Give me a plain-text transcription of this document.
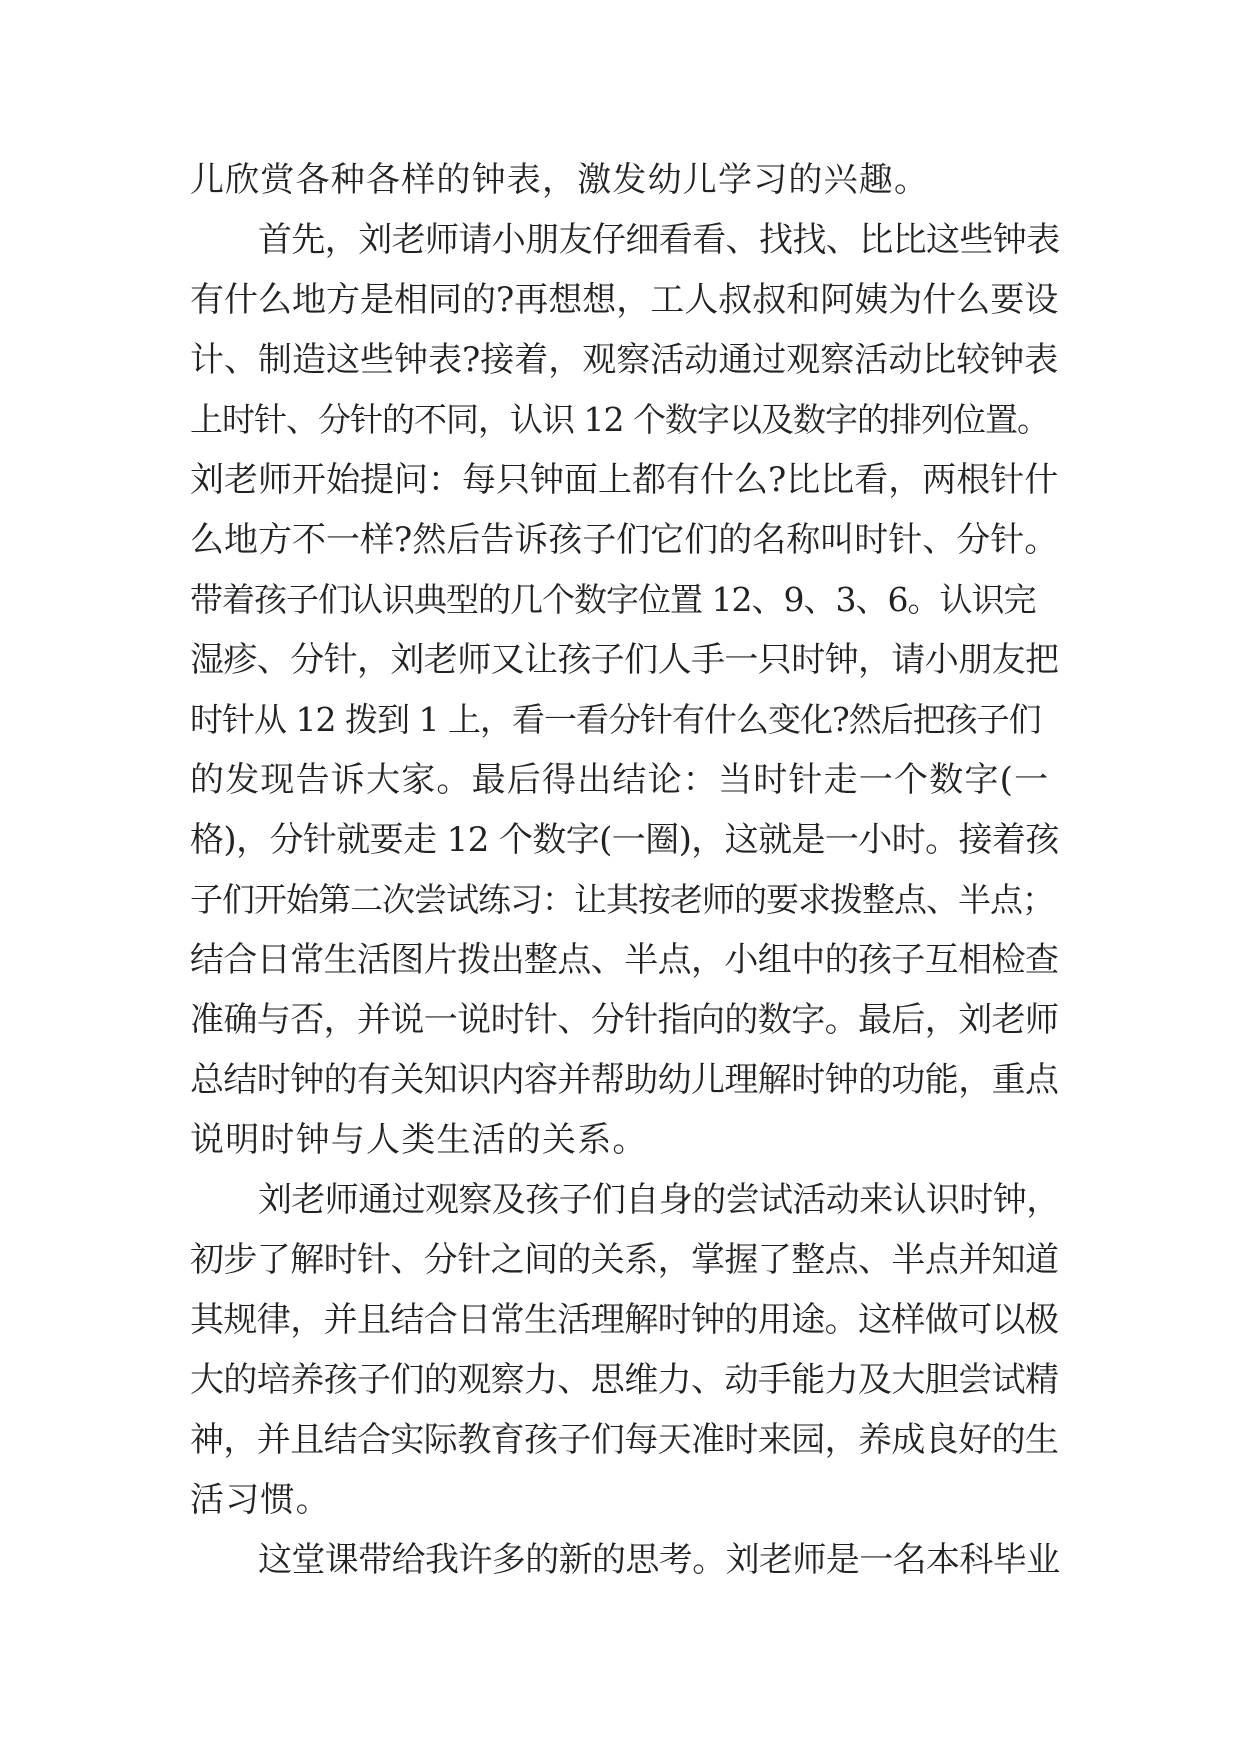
儿欣赏各种各样的钟表，激发幼儿学习的兴趣。
首先，刘老师请小朋友仔细看看、找找、比比这些钟表
有什么地方是相同的?再想想，工人叔叔和阿姨为什么要设
计、制造这些钟表?接着，观察活动通过观察活动比较钟表
上时针、分针的不同，认识 12 个数字以及数字的排列位置。
刘老师开始提问：每只钟面上都有什么?比比看，两根针什
么地方不一样?然后告诉孩子们它们的名称叫时针、分针。
带着孩子们认识典型的几个数字位置 12、9、3、6。认识完
湿疹、分针，刘老师又让孩子们人手一只时钟，请小朋友把
时针从 12 拨到 1 上，看一看分针有什么变化?然后把孩子们
的发现告诉大家。最后得出结论：当时针走一个数字(一
格)，分针就要走 12 个数字(一圈)，这就是一小时。接着孩
子们开始第二次尝试练习：让其按老师的要求拨整点、半点；
结合日常生活图片拨出整点、半点，小组中的孩子互相检查
准确与否，并说一说时针、分针指向的数字。最后，刘老师
总结时钟的有关知识内容并帮助幼儿理解时钟的功能，重点
说明时钟与人类生活的关系。
刘老师通过观察及孩子们自身的尝试活动来认识时钟，
初步了解时针、分针之间的关系，掌握了整点、半点并知道
其规律，并且结合日常生活理解时钟的用途。这样做可以极
大的培养孩子们的观察力、思维力、动手能力及大胆尝试精
神，并且结合实际教育孩子们每天准时来园，养成良好的生
活习惯。
这堂课带给我许多的新的思考。刘老师是一名本科毕业
